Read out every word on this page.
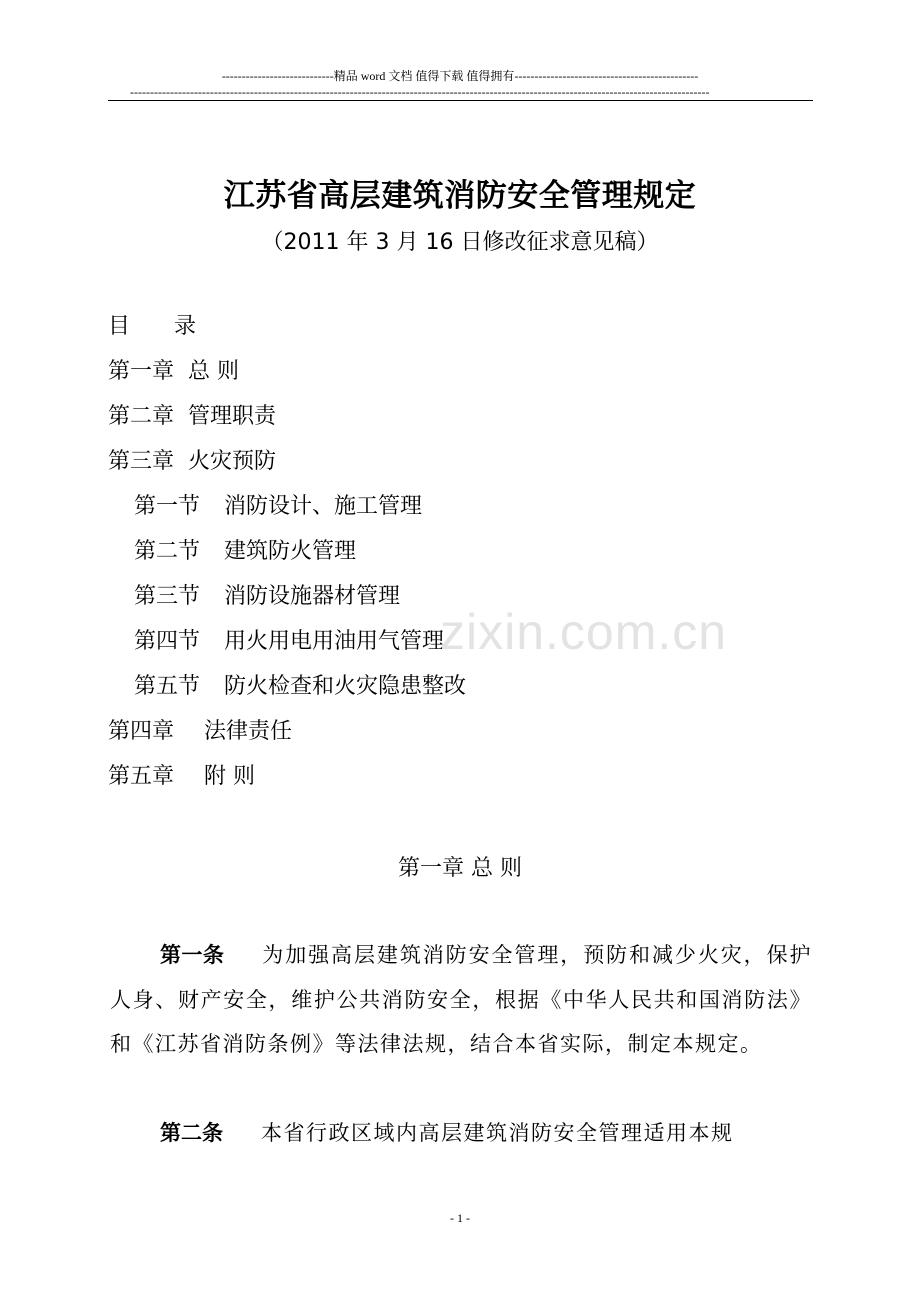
----------------------------精品 word 文档 值得下载 值得拥有----------------------------------------------
-------------------------------------------------------------------------------------------------------------------------------------------------
江苏省高层建筑消防安全管理规定
（2011 年 3 月 16 日修改征求意见稿）
目　　录
第一章 总 则
第二章 管理职责
第三章 火灾预防
第一节 消防设计、施工管理
第二节 建筑防火管理
第三节 消防设施器材管理
第四节 用火用电用油用气管理
第五节 防火检查和火灾隐患整改
第四章 法律责任
第五章 附 则
zixin.com.cn
第一章 总 则
第一条 为加强高层建筑消防安全管理，预防和减少火灾，保护人身、财产安全，维护公共消防安全，根据《中华人民共和国消防法》和《江苏省消防条例》等法律法规，结合本省实际，制定本规定。
第二条 本省行政区域内高层建筑消防安全管理适用本规
- 1 -
